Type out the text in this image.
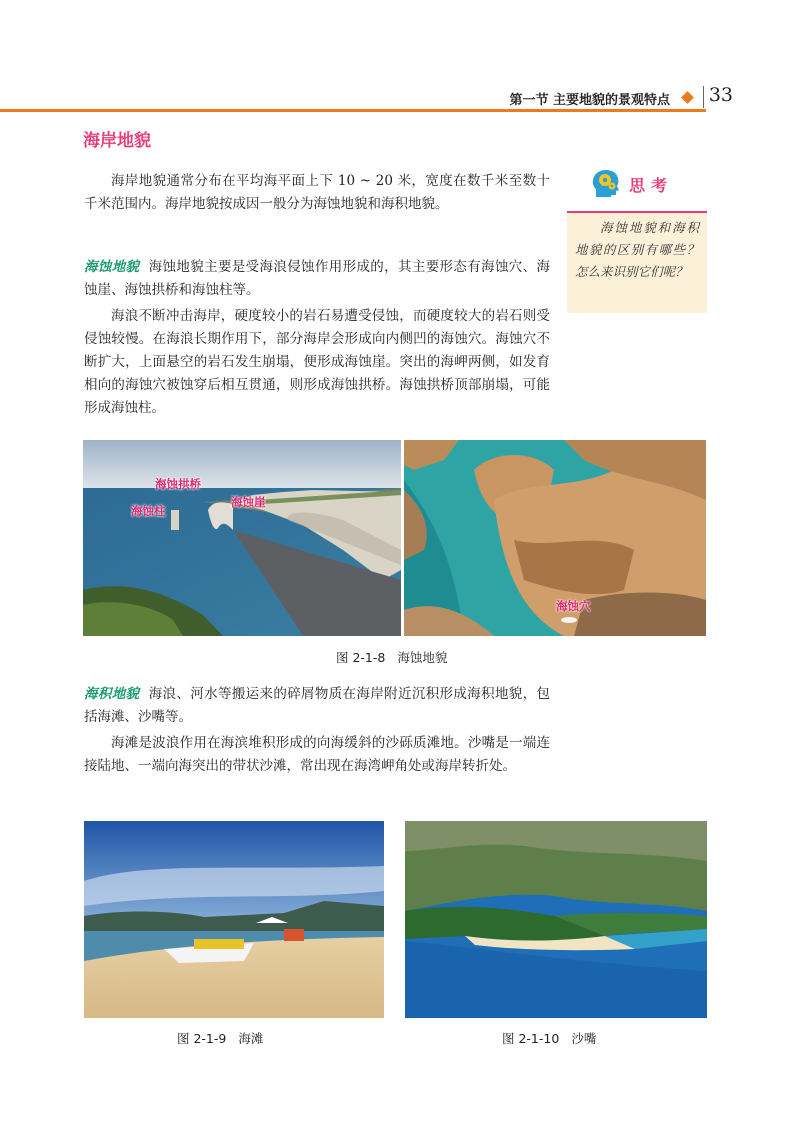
第一节 主要地貌的景观特点 33
海岸地貌
海岸地貌通常分布在平均海平面上下 10 ~ 20 米，宽度在数千米至数十千米范围内。海岸地貌按成因一般分为海蚀地貌和海积地貌。
海蚀地貌 海蚀地貌主要是受海浪侵蚀作用形成的，其主要形态有海蚀穴、海蚀崖、海蚀拱桥和海蚀柱等。
海浪不断冲击海岸，硬度较小的岩石易遭受侵蚀，而硬度较大的岩石则受侵蚀较慢。在海浪长期作用下，部分海岸会形成向内侧凹的海蚀穴。海蚀穴不断扩大，上面悬空的岩石发生崩塌，便形成海蚀崖。突出的海岬两侧，如发育相向的海蚀穴被蚀穿后相互贯通，则形成海蚀拱桥。海蚀拱桥顶部崩塌，可能形成海蚀柱。
思考
海蚀地貌和海积地貌的区别有哪些？怎么来识别它们呢？
海蚀拱桥
海蚀崖
海蚀柱
海蚀穴
图 2-1-8 海蚀地貌
海积地貌 海浪、河水等搬运来的碎屑物质在海岸附近沉积形成海积地貌，包括海滩、沙嘴等。
海滩是波浪作用在海滨堆积形成的向海缓斜的沙砾质滩地。沙嘴是一端连接陆地、一端向海突出的带状沙滩，常出现在海湾岬角处或海岸转折处。
图 2-1-9 海滩	图 2-1-10 沙嘴
